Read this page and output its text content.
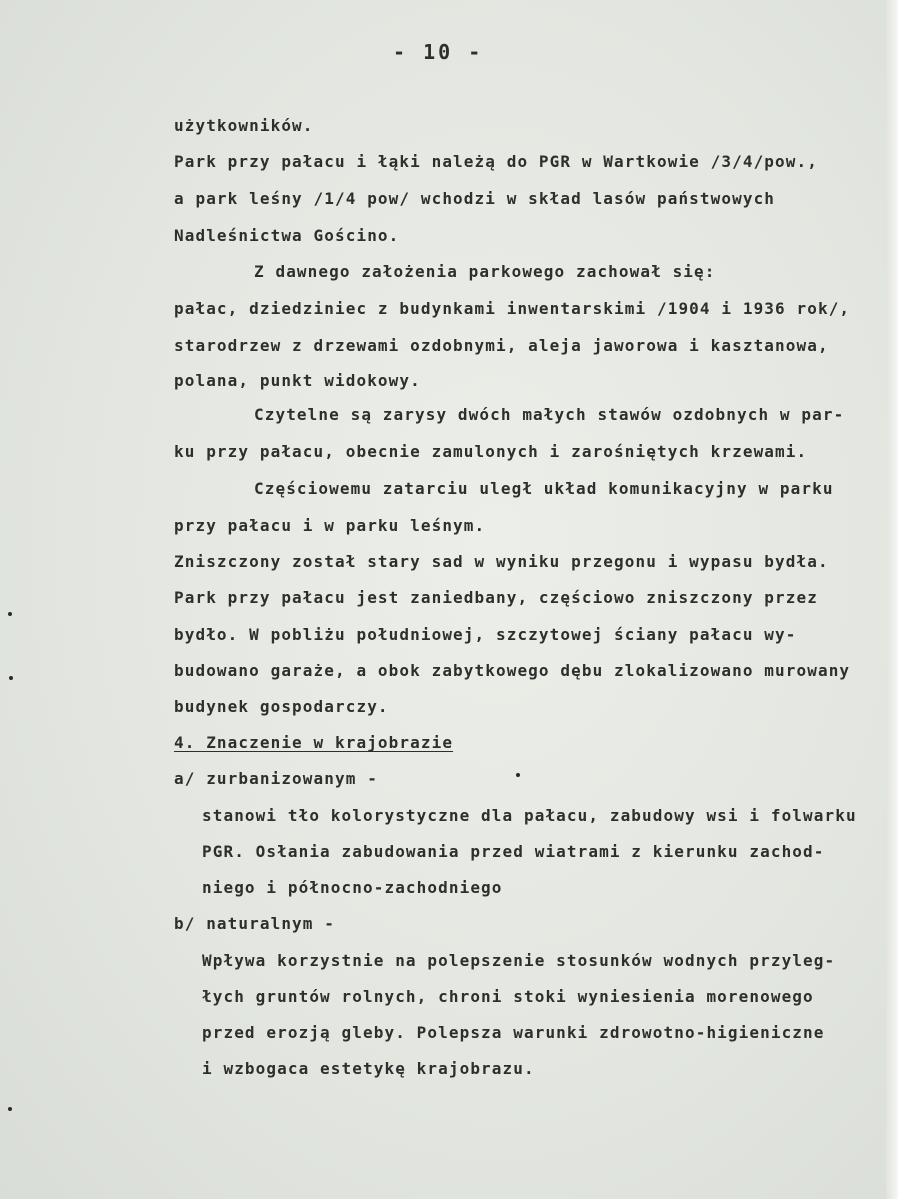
- 10 -
użytkowników.
Park przy pałacu i łąki należą do PGR w Wartkowie /3/4/pow.,
a park leśny /1/4 pow/ wchodzi w skład lasów państwowych
Nadleśnictwa Gościno.
Z dawnego założenia parkowego zachował się:
pałac, dziedziniec z budynkami inwentarskimi /1904 i 1936 rok/,
starodrzew z drzewami ozdobnymi, aleja jaworowa i kasztanowa,
polana, punkt widokowy.
Czytelne są zarysy dwóch małych stawów ozdobnych w par-
ku przy pałacu, obecnie zamulonych i zarośniętych krzewami.
Częściowemu zatarciu uległ układ komunikacyjny w parku
przy pałacu i w parku leśnym.
Zniszczony został stary sad w wyniku przegonu i wypasu bydła.
Park przy pałacu jest zaniedbany, częściowo zniszczony przez
bydło. W pobliżu południowej, szczytowej ściany pałacu wy-
budowano garaże, a obok zabytkowego dębu zlokalizowano murowany
budynek gospodarczy.
4. Znaczenie w krajobrazie
a/ zurbanizowanym -
stanowi tło kolorystyczne dla pałacu, zabudowy wsi i folwarku
PGR. Osłania zabudowania przed wiatrami z kierunku zachod-
niego i północno-zachodniego
b/ naturalnym -
Wpływa korzystnie na polepszenie stosunków wodnych przyleg-
łych gruntów rolnych, chroni stoki wyniesienia morenowego
przed erozją gleby. Polepsza warunki zdrowotno-higieniczne
i wzbogaca estetykę krajobrazu.
